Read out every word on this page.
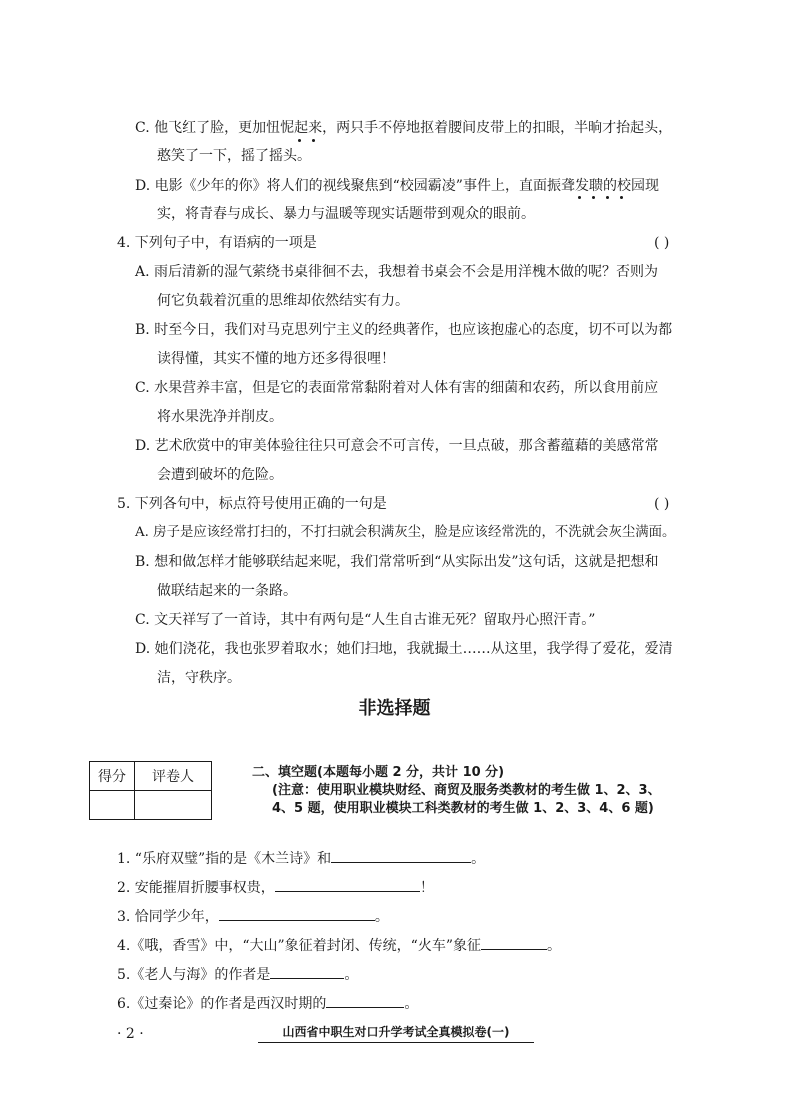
C. 他飞红了脸，更加忸怩起来，两只手不停地抠着腰间皮带上的扣眼，半晌才抬起头，
憨笑了一下，摇了摇头。
D. 电影《少年的你》将人们的视线聚焦到“校园霸凌”事件上，直面振聋发聩的校园现
实，将青春与成长、暴力与温暖等现实话题带到观众的眼前。
4. 下列句子中，有语病的一项是	( )
A. 雨后清新的湿气萦绕书桌徘徊不去，我想着书桌会不会是用洋槐木做的呢？否则为
何它负载着沉重的思维却依然结实有力。
B. 时至今日，我们对马克思列宁主义的经典著作，也应该抱虚心的态度，切不可以为都
读得懂，其实不懂的地方还多得很哩！
C. 水果营养丰富，但是它的表面常常黏附着对人体有害的细菌和农药，所以食用前应
将水果洗净并削皮。
D. 艺术欣赏中的审美体验往往只可意会不可言传，一旦点破，那含蓄蕴藉的美感常常
会遭到破坏的危险。
5. 下列各句中，标点符号使用正确的一句是	( )
A. 房子是应该经常打扫的，不打扫就会积满灰尘，脸是应该经常洗的，不洗就会灰尘满面。
B. 想和做怎样才能够联结起来呢，我们常常听到“从实际出发”这句话，这就是把想和
做联结起来的一条路。
C. 文天祥写了一首诗，其中有两句是“人生自古谁无死？留取丹心照汗青。”
D. 她们浇花，我也张罗着取水；她们扫地，我就撮土……从这里，我学得了爱花，爱清
洁，守秩序。
非选择题
得分	评卷人
		二、填空题(本题每小题 2 分，共计 10 分)
(注意：使用职业模块财经、商贸及服务类教材的考生做 1、2、3、
4、5 题，使用职业模块工科类教材的考生做 1、2、3、4、6 题)
1. “乐府双璧”指的是《木兰诗》和	。
2. 安能摧眉折腰事权贵，	！
3. 恰同学少年，	。
4.《哦，香雪》中，“大山”象征着封闭、传统，“火车”象征	。
5.《老人与海》的作者是	。
6.《过秦论》的作者是西汉时期的	。
· 2 ·	山西省中职生对口升学考试全真模拟卷(一)
